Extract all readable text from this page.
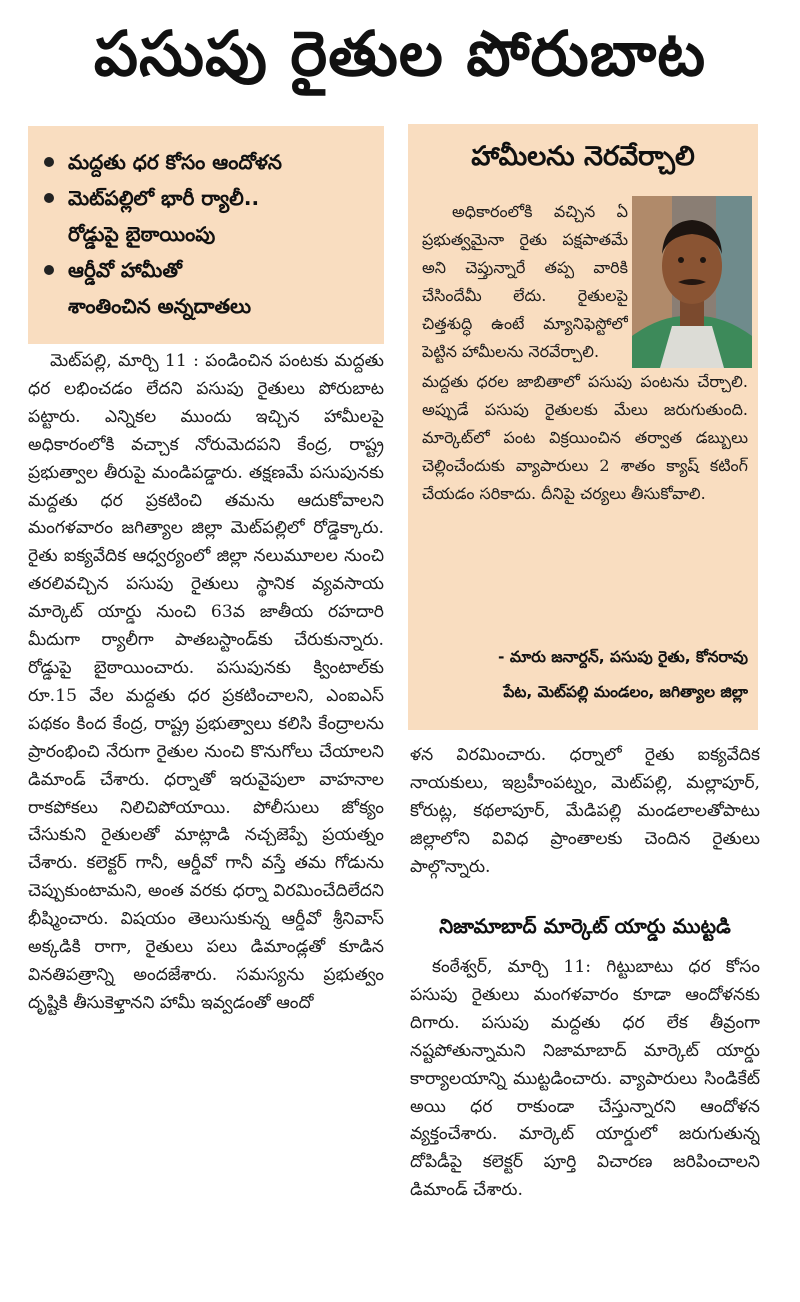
పసుపు రైతుల పోరుబాట
మద్దతు ధర కోసం ఆందోళన
మెట్‌పల్లిలో భారీ ర్యాలీ..
రోడ్డుపై బైఠాయింపు
ఆర్డీవో హామీతో
శాంతించిన అన్నదాతలు
మెట్‌పల్లి, మార్చి 11 : పండించిన పంటకు మద్దతు ధర లభించడం లేదని పసుపు రైతులు పోరుబాట పట్టారు. ఎన్నికల ముందు ఇచ్చిన హామీలపై అధికారంలోకి వచ్చాక నోరుమెదపని కేంద్ర, రాష్ట్ర ప్రభుత్వాల తీరుపై మండిపడ్డారు. తక్షణమే పసుపునకు మద్దతు ధర ప్రకటించి తమను ఆదుకోవాలని మంగళవారం జగిత్యాల జిల్లా మెట్‌పల్లిలో రోడ్డెక్కారు. రైతు ఐక్యవేదిక ఆధ్వర్యంలో జిల్లా నలుమూలల నుంచి తరలివచ్చిన పసుపు రైతులు స్థానిక వ్యవసాయ మార్కెట్ యార్డు నుంచి 63వ జాతీయ రహదారి మీదుగా ర్యాలీగా పాతబస్టాండ్‌కు చేరుకున్నారు. రోడ్డుపై బైఠాయించారు. పసుపునకు క్వింటాల్‌కు రూ.15 వేల మద్దతు ధర ప్రకటించాలని, ఎంఐఎస్ పథకం కింద కేంద్ర, రాష్ట్ర ప్రభుత్వాలు కలిసి కేంద్రాలను ప్రారంభించి నేరుగా రైతుల నుంచి కొనుగోలు చేయాలని డిమాండ్ చేశారు. ధర్నాతో ఇరువైపులా వాహనాల రాకపోకలు నిలిచిపోయాయి. పోలీసులు జోక్యం చేసుకుని రైతులతో మాట్లాడి నచ్చజెప్పే ప్రయత్నం చేశారు. కలెక్టర్ గానీ, ఆర్డీవో గానీ వస్తే తమ గోడును చెప్పుకుంటామని, అంత వరకు ధర్నా విరమించేదిలేదని భీష్మించారు. విషయం తెలుసుకున్న ఆర్డీవో శ్రీనివాస్ అక్కడికి రాగా, రైతులు పలు డిమాండ్లతో కూడిన వినతిపత్రాన్ని అందజేశారు. సమస్యను ప్రభుత్వం దృష్టికి తీసుకెళ్తానని హామీ ఇవ్వడంతో ఆందో
హామీలను నెరవేర్చాలి
అధికారంలోకి వచ్చిన ఏ ప్రభుత్వమైనా రైతు పక్షపాతమే అని చెప్తున్నారే తప్ప వారికి చేసిందేమీ లేదు. రైతులపై చిత్తశుద్ధి ఉంటే మ్యానిఫెస్టోలో పెట్టిన హామీలను నెరవేర్చాలి.
మద్దతు ధరల జాబితాలో పసుపు పంటను చేర్చాలి. అప్పుడే పసుపు రైతులకు మేలు జరుగుతుంది. మార్కెట్‌లో పంట విక్రయించిన తర్వాత డబ్బులు చెల్లించేందుకు వ్యాపారులు 2 శాతం క్యాష్ కటింగ్ చేయడం సరికాదు. దీనిపై చర్యలు తీసుకోవాలి.
- మారు జనార్దన్, పసుపు రైతు, కోనరావు
పేట, మెట్‌పల్లి మండలం, జగిత్యాల జిల్లా
ళన విరమించారు. ధర్నాలో రైతు ఐక్యవేదిక నాయకులు, ఇబ్రహీంపట్నం, మెట్‌పల్లి, మల్లాపూర్, కోరుట్ల, కథలాపూర్, మేడిపల్లి మండలాలతోపాటు జిల్లాలోని వివిధ ప్రాంతాలకు చెందిన రైతులు పాల్గొన్నారు.
నిజామాబాద్ మార్కెట్ యార్డు ముట్టడి
కంఠేశ్వర్, మార్చి 11: గిట్టుబాటు ధర కోసం పసుపు రైతులు మంగళవారం కూడా ఆందోళనకు దిగారు. పసుపు మద్దతు ధర లేక తీవ్రంగా నష్టపోతున్నామని నిజామాబాద్ మార్కెట్ యార్డు కార్యాలయాన్ని ముట్టడించారు. వ్యాపారులు సిండికేట్ అయి ధర రాకుండా చేస్తున్నారని ఆందోళన వ్యక్తంచేశారు. మార్కెట్ యార్డులో జరుగుతున్న దోపిడీపై కలెక్టర్ పూర్తి విచారణ జరిపించాలని డిమాండ్ చేశారు.
